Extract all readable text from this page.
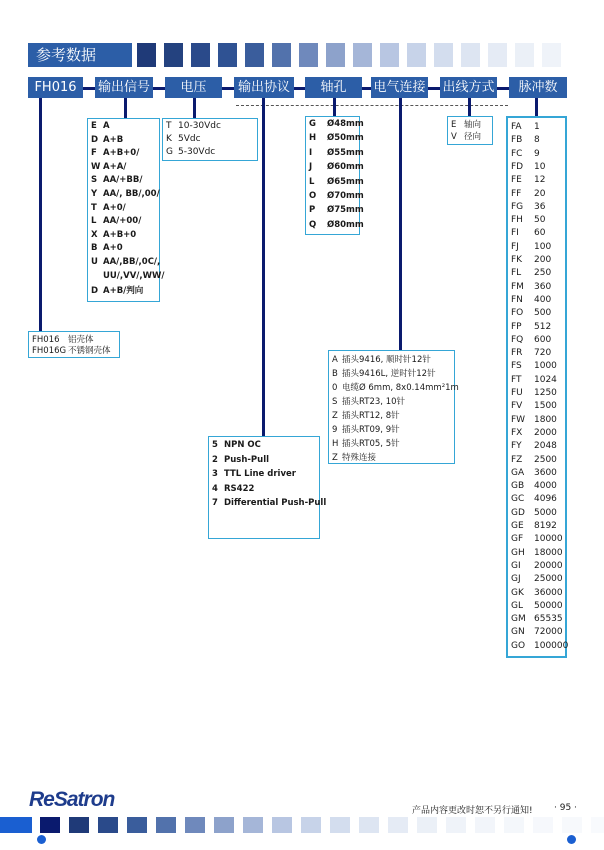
参考数据
FH016	输出信号	电压	输出协议	轴孔	电气连接 出线方式	脉冲数
FH016 铝壳体
FH016G 不锈钢壳体
E A
D A+B
F A+B+0/
W A+A/
S AA/+BB/
Y AA/, BB/,00/
T A+0/
L AA/+00/
X A+B+0
B A+0
U AA/,BB/,0C/,
UU/,VV/,WW/
D A+B/判向
T 10-30Vdc
K 5Vdc
G 5-30Vdc
5 NPN OC
2 Push-Pull
3 TTL Line driver
4 RS422
7 Differential Push-Pull
G Ø48mm
H Ø50mm
I Ø55mm
J Ø60mm
L Ø65mm
O Ø70mm
P Ø75mm
Q Ø80mm
A 插头9416, 顺时针12针
B 插头9416L, 逆时针12针
0 电缆Ø 6mm, 8x0.14mm²1m
S 插头RT23, 10针
Z 插头RT12, 8针
9 插头RT09, 9针
H 插头RT05, 5针
Z 特殊连接
E 轴向
V 径向
FA 1
FB 8
FC 9
FD 10
FE 12
FF 20
FG 36
FH 50
FI 60
FJ 100
FK 200
FL 250
FM 360
FN 400
FO 500
FP 512
FQ 600
FR 720
FS 1000
FT 1024
FU 1250
FV 1500
FW 1800
FX 2000
FY 2048
FZ 2500
GA 3600
GB 4000
GC 4096
GD 5000
GE 8192
GF 10000
GH 18000
GI 20000
GJ 25000
GK 36000
GL 50000
GM 65535
GN 72000
GO 100000
ReSatron	产品内容更改时恕不另行通知! · 95 ·
